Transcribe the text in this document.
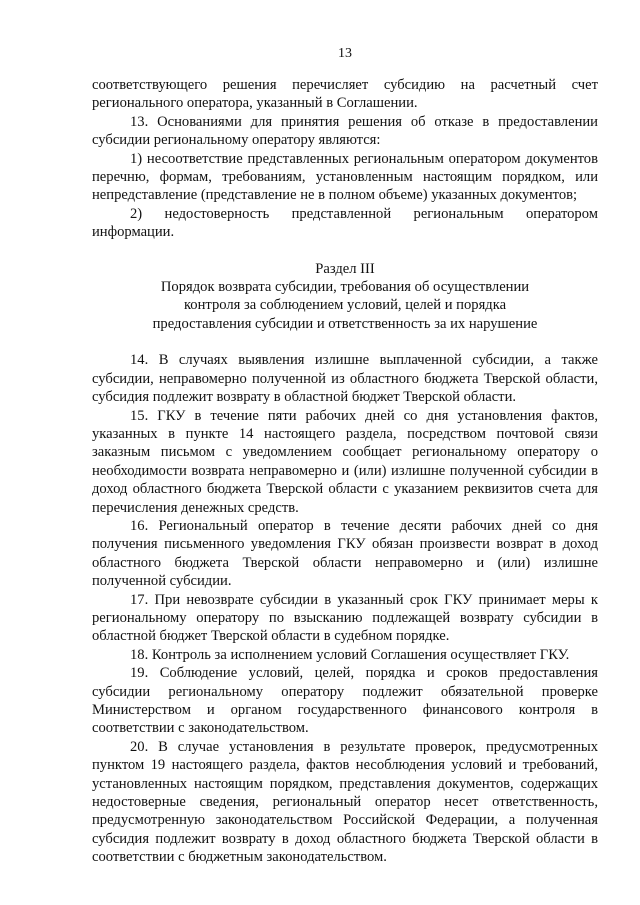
13

соответствующего решения перечисляет субсидию на расчетный счет регионального оператора, указанный в Соглашении.

13. Основаниями для принятия решения об отказе в предоставлении субсидии региональному оператору являются:

1) несоответствие представленных региональным оператором документов перечню, формам, требованиям, установленным настоящим порядком, или непредставление (представление не в полном объеме) указанных документов;

2) недостоверность представленной региональным оператором информации.

Раздел III

Порядок возврата субсидии, требования об осуществлении
контроля за соблюдением условий, целей и порядка
предоставления субсидии и ответственность за их нарушение

14. В случаях выявления излишне выплаченной субсидии, а также субсидии, неправомерно полученной из областного бюджета Тверской области, субсидия подлежит возврату в областной бюджет Тверской области.

15. ГКУ в течение пяти рабочих дней со дня установления фактов, указанных в пункте 14 настоящего раздела, посредством почтовой связи заказным письмом с уведомлением сообщает региональному оператору о необходимости возврата неправомерно и (или) излишне полученной субсидии в доход областного бюджета Тверской области с указанием реквизитов счета для перечисления денежных средств.

16. Региональный оператор в течение десяти рабочих дней со дня получения письменного уведомления ГКУ обязан произвести возврат в доход областного бюджета Тверской области неправомерно и (или) излишне полученной субсидии.

17. При невозврате субсидии в указанный срок ГКУ принимает меры к региональному оператору по взысканию подлежащей возврату субсидии в областной бюджет Тверской области в судебном порядке.

18. Контроль за исполнением условий Соглашения осуществляет ГКУ.

19. Соблюдение условий, целей, порядка и сроков предоставления субсидии региональному оператору подлежит обязательной проверке Министерством и органом государственного финансового контроля в соответствии с законодательством.

20. В случае установления в результате проверок, предусмотренных пунктом 19 настоящего раздела, фактов несоблюдения условий и требований, установленных настоящим порядком, представления документов, содержащих недостоверные сведения, региональный оператор несет ответственность, предусмотренную законодательством Российской Федерации, а полученная субсидия подлежит возврату в доход областного бюджета Тверской области в соответствии с бюджетным законодательством.
